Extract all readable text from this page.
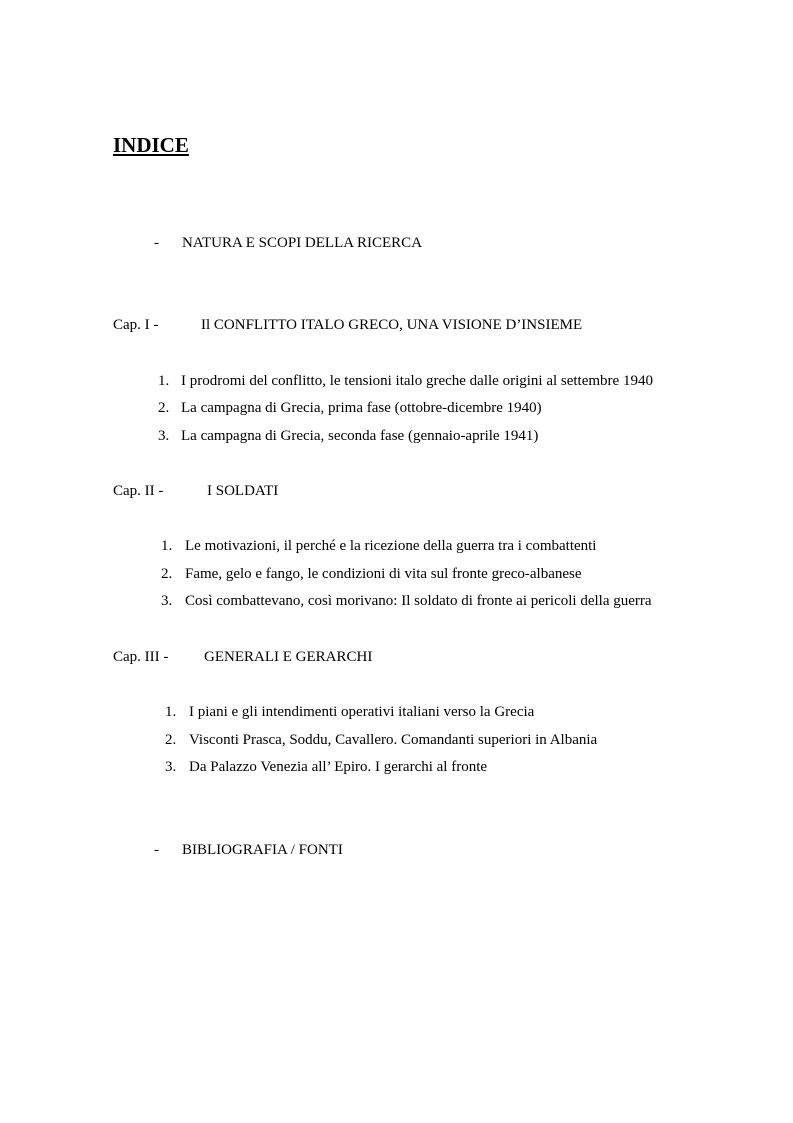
INDICE
- NATURA E SCOPI DELLA RICERCA
Cap. I -	Il CONFLITTO ITALO GRECO, UNA VISIONE D’INSIEME
1. I prodromi del conflitto, le tensioni italo greche dalle origini al settembre 1940
2. La campagna di Grecia, prima fase (ottobre-dicembre 1940)
3. La campagna di Grecia, seconda fase (gennaio-aprile 1941)
Cap. II -	I SOLDATI
1. Le motivazioni, il perché e la ricezione della guerra tra i combattenti
2. Fame, gelo e fango, le condizioni di vita sul fronte greco-albanese
3. Così combattevano, così morivano: Il soldato di fronte ai pericoli della guerra
Cap. III - GENERALI E GERARCHI
1. I piani e gli intendimenti operativi italiani verso la Grecia
2. Visconti Prasca, Soddu, Cavallero. Comandanti superiori in Albania
3. Da Palazzo Venezia all’ Epiro. I gerarchi al fronte
- BIBLIOGRAFIA / FONTI
